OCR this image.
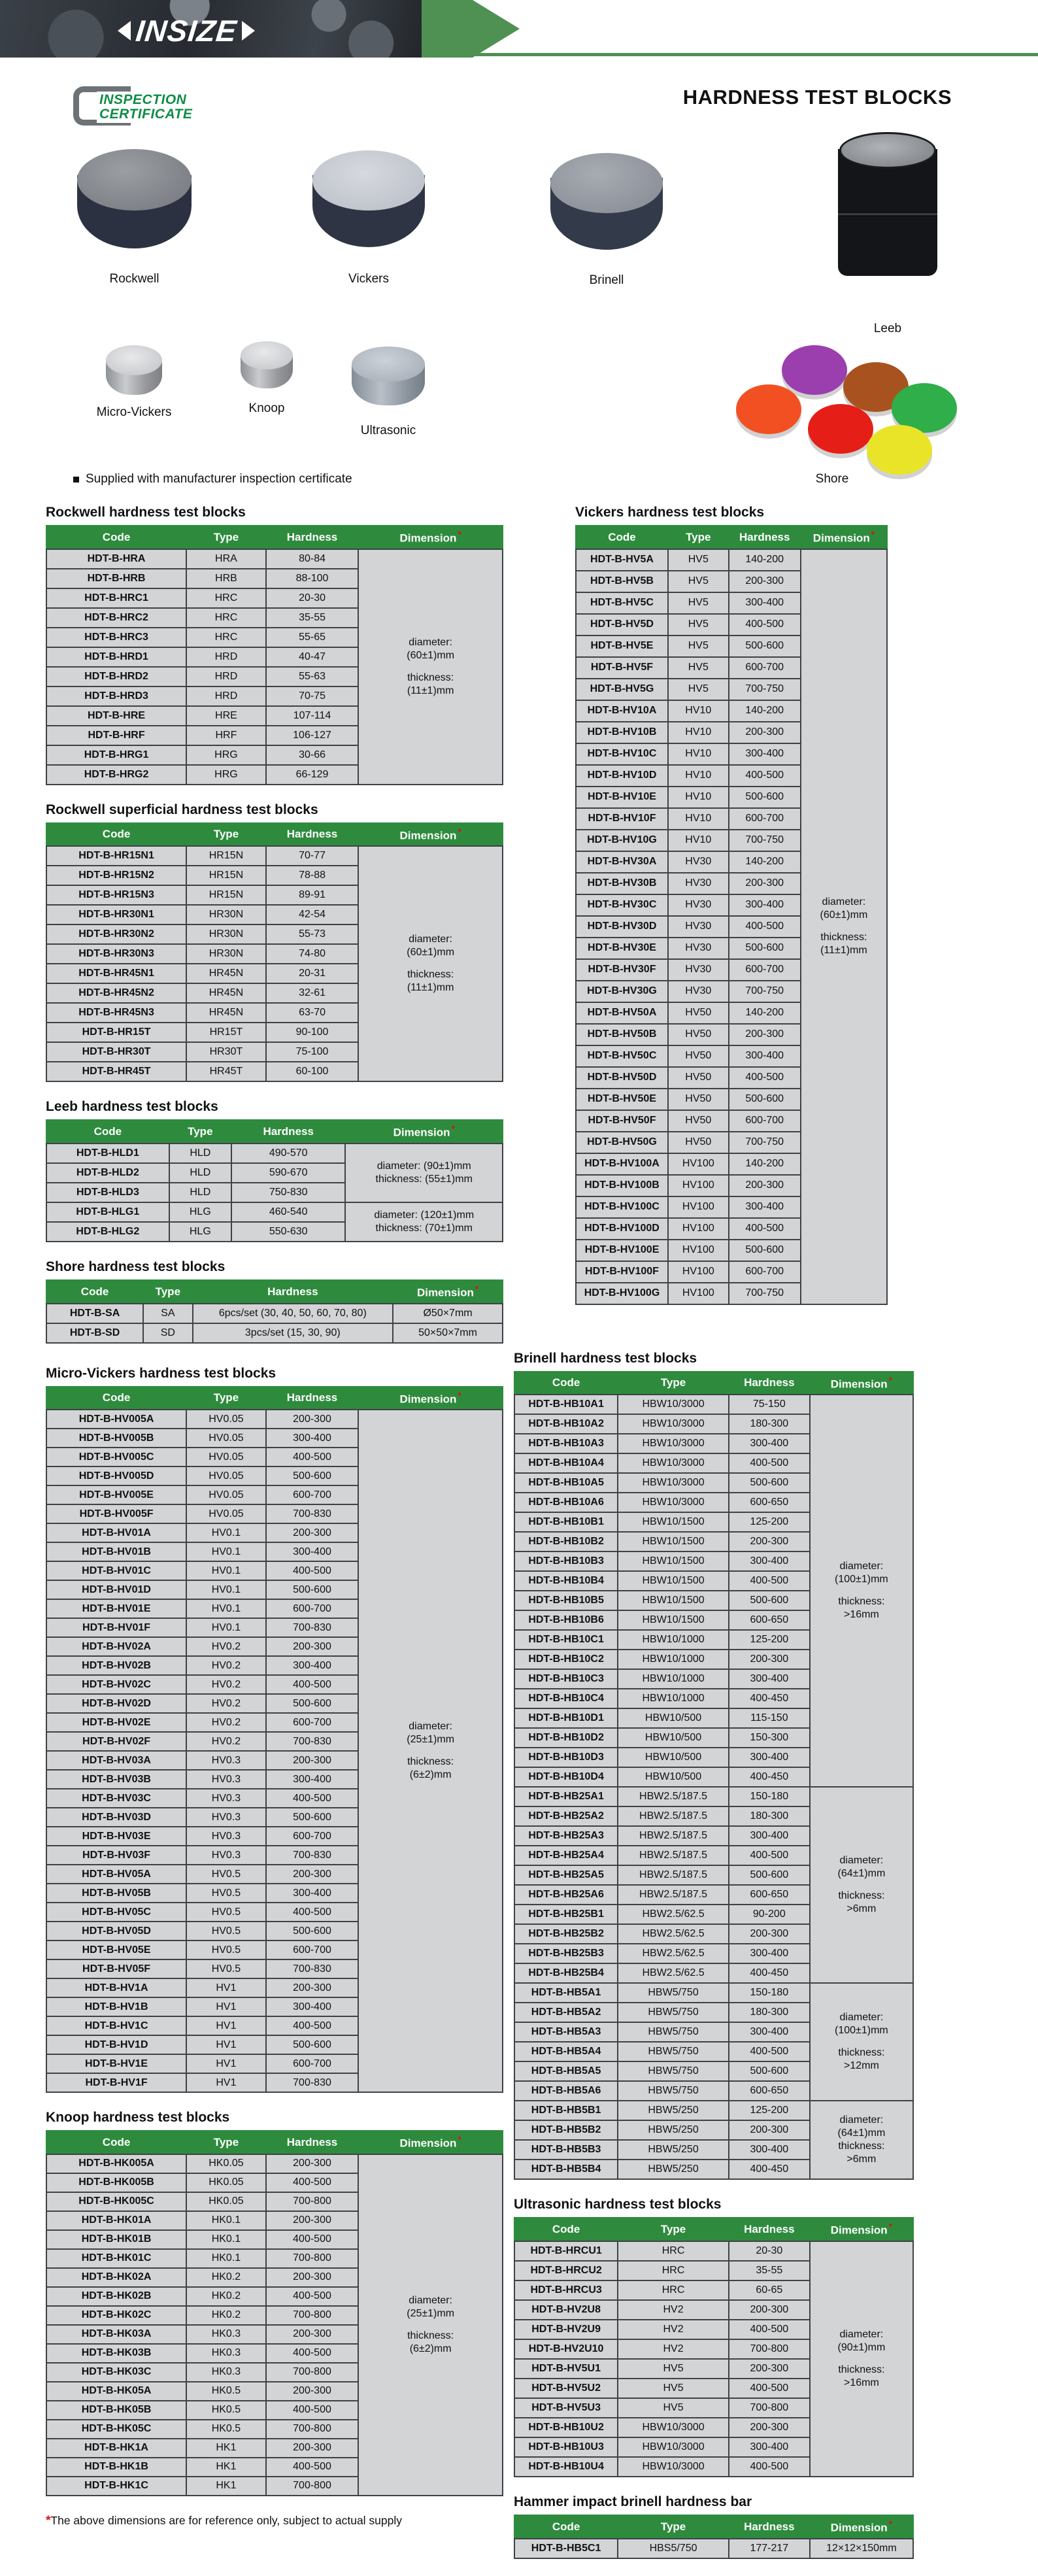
INSIZE
INSPECTION
CERTIFICATE
HARDNESS TEST BLOCKS
Rockwell	Vickers	Brinell
Leeb
Micro-Vickers	Knoop
Ultrasonic
Shore
Supplied with manufacturer inspection certificate
Rockwell hardness test blocks
Code	Type	Hardness	Dimension *
HDT-B-HRA	HRA	80-84	diameter:
(60±1)mm
thickness:
(11±1)mm

HDT-B-HRB	HRB	88-100	
HDT-B-HRC1	HRC	20-30	
HDT-B-HRC2	HRC	35-55	
HDT-B-HRC3	HRC	55-65	
HDT-B-HRD1	HRD	40-47	
HDT-B-HRD2	HRD	55-63	
HDT-B-HRD3	HRD	70-75	
HDT-B-HRE	HRE	107-114	
HDT-B-HRF	HRF	106-127	
HDT-B-HRG1	HRG	30-66	
HDT-B-HRG2	HRG	66-129	
Rockwell superficial hardness test blocks
Code	Type	Hardness	Dimension *
HDT-B-HR15N1	HR15N	70-77	diameter:
(60±1)mm
thickness:
(11±1)mm

HDT-B-HR15N2	HR15N	78-88	
HDT-B-HR15N3	HR15N	89-91	
HDT-B-HR30N1	HR30N	42-54	
HDT-B-HR30N2	HR30N	55-73	
HDT-B-HR30N3	HR30N	74-80	
HDT-B-HR45N1	HR45N	20-31	
HDT-B-HR45N2	HR45N	32-61	
HDT-B-HR45N3	HR45N	63-70	
HDT-B-HR15T	HR15T	90-100	
HDT-B-HR30T	HR30T	75-100	
HDT-B-HR45T	HR45T	60-100	
Leeb hardness test blocks
Code	Type	Hardness	Dimension *
HDT-B-HLD1	HLD	490-570	diameter: (90±1)mm
thickness: (55±1)mm

HDT-B-HLD2	HLD	590-670	
HDT-B-HLD3	HLD	750-830	
HDT-B-HLG1	HLG	460-540	diameter: (120±1)mm
thickness: (70±1)mm

HDT-B-HLG2	HLG	550-630	
Shore hardness test blocks
Code	Type	Hardness	Dimension *
HDT-B-SA	SA	6pcs/set (30, 40, 50, 60, 70, 80)	Ø50×7mm

HDT-B-SD	SD	3pcs/set (15, 30, 90)	50×50×7mm
Micro-Vickers hardness test blocks
Code	Type	Hardness	Dimension *
HDT-B-HV005A	HV0.05	200-300	diameter:
(25±1)mm
thickness:
(6±2)mm

HDT-B-HV005B	HV0.05	300-400	
HDT-B-HV005C	HV0.05	400-500	
HDT-B-HV005D	HV0.05	500-600	
HDT-B-HV005E	HV0.05	600-700	
HDT-B-HV005F	HV0.05	700-830	
HDT-B-HV01A	HV0.1	200-300	
HDT-B-HV01B	HV0.1	300-400	
HDT-B-HV01C	HV0.1	400-500	
HDT-B-HV01D	HV0.1	500-600	
HDT-B-HV01E	HV0.1	600-700	
HDT-B-HV01F	HV0.1	700-830	
HDT-B-HV02A	HV0.2	200-300	
HDT-B-HV02B	HV0.2	300-400	
HDT-B-HV02C	HV0.2	400-500	
HDT-B-HV02D	HV0.2	500-600	
HDT-B-HV02E	HV0.2	600-700	
HDT-B-HV02F	HV0.2	700-830	
HDT-B-HV03A	HV0.3	200-300	
HDT-B-HV03B	HV0.3	300-400	
HDT-B-HV03C	HV0.3	400-500	
HDT-B-HV03D	HV0.3	500-600	
HDT-B-HV03E	HV0.3	600-700	
HDT-B-HV03F	HV0.3	700-830	
HDT-B-HV05A	HV0.5	200-300	
HDT-B-HV05B	HV0.5	300-400	
HDT-B-HV05C	HV0.5	400-500	
HDT-B-HV05D	HV0.5	500-600	
HDT-B-HV05E	HV0.5	600-700	
HDT-B-HV05F	HV0.5	700-830	
HDT-B-HV1A	HV1	200-300	
HDT-B-HV1B	HV1	300-400	
HDT-B-HV1C	HV1	400-500	
HDT-B-HV1D	HV1	500-600	
HDT-B-HV1E	HV1	600-700	
HDT-B-HV1F	HV1	700-830	
Knoop hardness test blocks
Code	Type	Hardness	Dimension *
HDT-B-HK005A	HK0.05	200-300	diameter:
(25±1)mm
thickness:
(6±2)mm

HDT-B-HK005B	HK0.05	400-500	
HDT-B-HK005C	HK0.05	700-800	
HDT-B-HK01A	HK0.1	200-300	
HDT-B-HK01B	HK0.1	400-500	
HDT-B-HK01C	HK0.1	700-800	
HDT-B-HK02A	HK0.2	200-300	
HDT-B-HK02B	HK0.2	400-500	
HDT-B-HK02C	HK0.2	700-800	
HDT-B-HK03A	HK0.3	200-300	
HDT-B-HK03B	HK0.3	400-500	
HDT-B-HK03C	HK0.3	700-800	
HDT-B-HK05A	HK0.5	200-300	
HDT-B-HK05B	HK0.5	400-500	
HDT-B-HK05C	HK0.5	700-800	
HDT-B-HK1A	HK1	200-300	
HDT-B-HK1B	HK1	400-500	
HDT-B-HK1C	HK1	700-800	
*The above dimensions are for reference only, subject to actual supply
Vickers hardness test blocks
Code	Type	Hardness	Dimension *
HDT-B-HV5A	HV5	140-200	diameter:
(60±1)mm
thickness:
(11±1)mm

HDT-B-HV5B	HV5	200-300	
HDT-B-HV5C	HV5	300-400	
HDT-B-HV5D	HV5	400-500	
HDT-B-HV5E	HV5	500-600	
HDT-B-HV5F	HV5	600-700	
HDT-B-HV5G	HV5	700-750	
HDT-B-HV10A	HV10	140-200	
HDT-B-HV10B	HV10	200-300	
HDT-B-HV10C	HV10	300-400	
HDT-B-HV10D	HV10	400-500	
HDT-B-HV10E	HV10	500-600	
HDT-B-HV10F	HV10	600-700	
HDT-B-HV10G	HV10	700-750	
HDT-B-HV30A	HV30	140-200	
HDT-B-HV30B	HV30	200-300	
HDT-B-HV30C	HV30	300-400	
HDT-B-HV30D	HV30	400-500	
HDT-B-HV30E	HV30	500-600	
HDT-B-HV30F	HV30	600-700	
HDT-B-HV30G	HV30	700-750	
HDT-B-HV50A	HV50	140-200	
HDT-B-HV50B	HV50	200-300	
HDT-B-HV50C	HV50	300-400	
HDT-B-HV50D	HV50	400-500	
HDT-B-HV50E	HV50	500-600	
HDT-B-HV50F	HV50	600-700	
HDT-B-HV50G	HV50	700-750	
HDT-B-HV100A	HV100	140-200	
HDT-B-HV100B	HV100	200-300	
HDT-B-HV100C	HV100	300-400	
HDT-B-HV100D	HV100	400-500	
HDT-B-HV100E	HV100	500-600	
HDT-B-HV100F	HV100	600-700	
HDT-B-HV100G	HV100	700-750	
Brinell hardness test blocks
Code	Type	Hardness	Dimension *
HDT-B-HB10A1	HBW10/3000	75-150	diameter:
(100±1)mm
thickness:
>16mm

HDT-B-HB10A2	HBW10/3000	180-300	
HDT-B-HB10A3	HBW10/3000	300-400	
HDT-B-HB10A4	HBW10/3000	400-500	
HDT-B-HB10A5	HBW10/3000	500-600	
HDT-B-HB10A6	HBW10/3000	600-650	
HDT-B-HB10B1	HBW10/1500	125-200	
HDT-B-HB10B2	HBW10/1500	200-300	
HDT-B-HB10B3	HBW10/1500	300-400	
HDT-B-HB10B4	HBW10/1500	400-500	
HDT-B-HB10B5	HBW10/1500	500-600	
HDT-B-HB10B6	HBW10/1500	600-650	
HDT-B-HB10C1	HBW10/1000	125-200	
HDT-B-HB10C2	HBW10/1000	200-300	
HDT-B-HB10C3	HBW10/1000	300-400	
HDT-B-HB10C4	HBW10/1000	400-450	
HDT-B-HB10D1	HBW10/500	115-150	
HDT-B-HB10D2	HBW10/500	150-300	
HDT-B-HB10D3	HBW10/500	300-400	
HDT-B-HB10D4	HBW10/500	400-450	
HDT-B-HB25A1	HBW2.5/187.5	150-180	diameter:
(64±1)mm
thickness:
>6mm

HDT-B-HB25A2	HBW2.5/187.5	180-300	
HDT-B-HB25A3	HBW2.5/187.5	300-400	
HDT-B-HB25A4	HBW2.5/187.5	400-500	
HDT-B-HB25A5	HBW2.5/187.5	500-600	
HDT-B-HB25A6	HBW2.5/187.5	600-650	
HDT-B-HB25B1	HBW2.5/62.5	90-200	
HDT-B-HB25B2	HBW2.5/62.5	200-300	
HDT-B-HB25B3	HBW2.5/62.5	300-400	
HDT-B-HB25B4	HBW2.5/62.5	400-450	
HDT-B-HB5A1	HBW5/750	150-180	diameter:
(100±1)mm
thickness:
>12mm

HDT-B-HB5A2	HBW5/750	180-300	
HDT-B-HB5A3	HBW5/750	300-400	
HDT-B-HB5A4	HBW5/750	400-500	
HDT-B-HB5A5	HBW5/750	500-600	
HDT-B-HB5A6	HBW5/750	600-650	
HDT-B-HB5B1	HBW5/250	125-200	diameter:
(64±1)mm
thickness:
>6mm

HDT-B-HB5B2	HBW5/250	200-300	
HDT-B-HB5B3	HBW5/250	300-400	
HDT-B-HB5B4	HBW5/250	400-450	
Ultrasonic hardness test blocks
Code	Type	Hardness	Dimension *
HDT-B-HRCU1	HRC	20-30	diameter:
(90±1)mm
thickness:
>16mm

HDT-B-HRCU2	HRC	35-55	
HDT-B-HRCU3	HRC	60-65	
HDT-B-HV2U8	HV2	200-300	
HDT-B-HV2U9	HV2	400-500	
HDT-B-HV2U10	HV2	700-800	
HDT-B-HV5U1	HV5	200-300	
HDT-B-HV5U2	HV5	400-500	
HDT-B-HV5U3	HV5	700-800	
HDT-B-HB10U2	HBW10/3000	200-300	
HDT-B-HB10U3	HBW10/3000	300-400	
HDT-B-HB10U4	HBW10/3000	400-500	
Hammer impact brinell hardness bar
Code	Type	Hardness	Dimension *
HDT-B-HB5C1	HBS5/750	177-217	12×12×150mm
